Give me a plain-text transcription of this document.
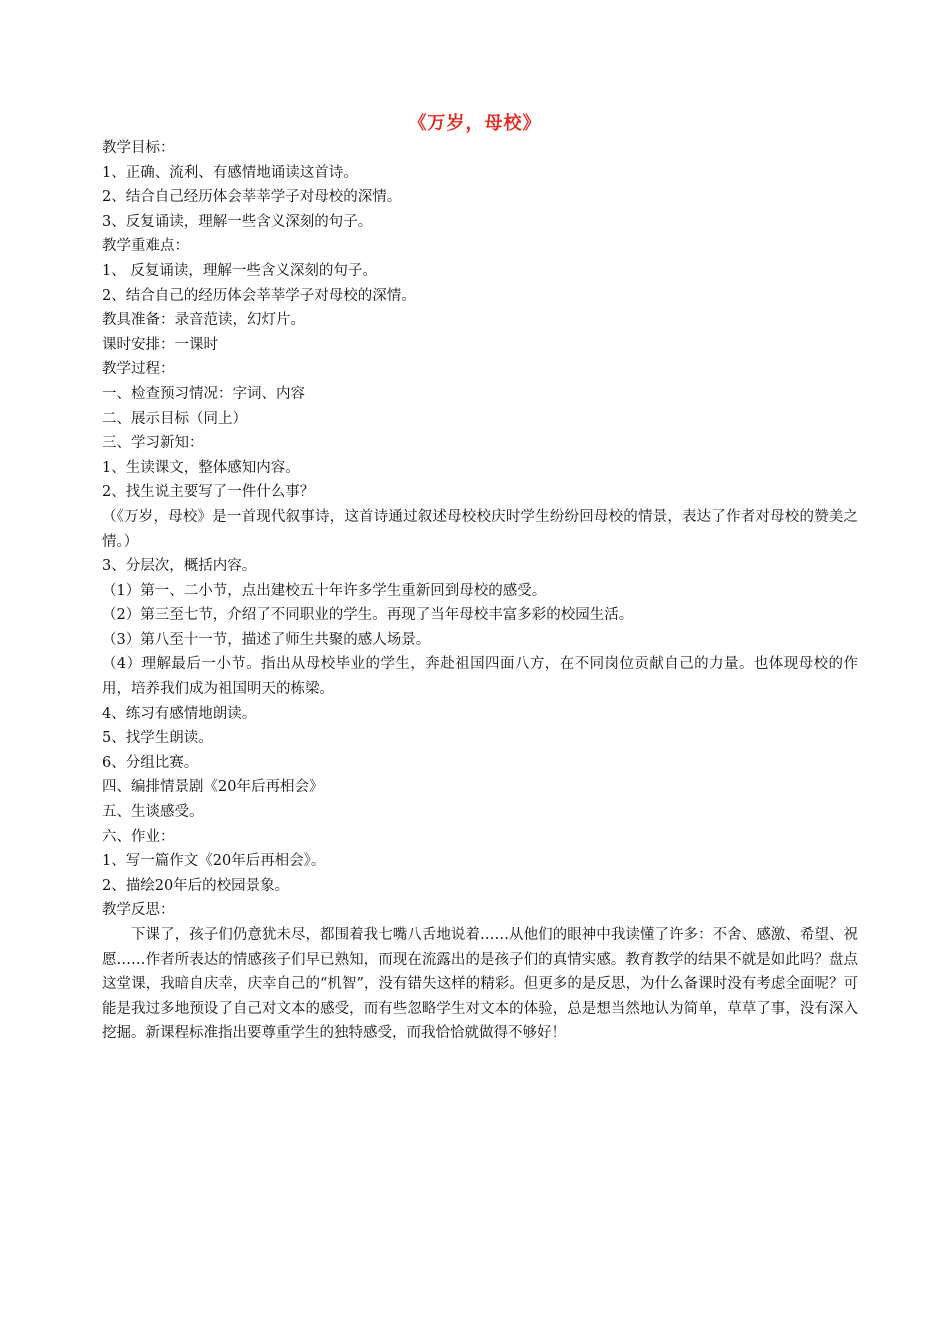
《万岁，母校》
教学目标：
1、正确、流利、有感情地诵读这首诗。
2、结合自己经历体会莘莘学子对母校的深情。
3、反复诵读，理解一些含义深刻的句子。
教学重难点：
1、 反复诵读，理解一些含义深刻的句子。
2、结合自己的经历体会莘莘学子对母校的深情。
教具准备：录音范读，幻灯片。
课时安排：一课时
教学过程：
一、检查预习情况：字词、内容
二、展示目标（同上）
三、学习新知：
1、生读课文，整体感知内容。
2、找生说主要写了一件什么事？
（《万岁，母校》是一首现代叙事诗，这首诗通过叙述母校校庆时学生纷纷回母校的情景，表达了作者对母校的赞美之情。）
3、分层次，概括内容。
（1）第一、二小节，点出建校五十年许多学生重新回到母校的感受。
（2）第三至七节，介绍了不同职业的学生。再现了当年母校丰富多彩的校园生活。
（3）第八至十一节，描述了师生共聚的感人场景。
（4）理解最后一小节。指出从母校毕业的学生，奔赴祖国四面八方，在不同岗位贡献自己的力量。也体现母校的作用，培养我们成为祖国明天的栋梁。
4、练习有感情地朗读。
5、找学生朗读。
6、分组比赛。
四、编排情景剧《20年后再相会》
五、生谈感受。
六、作业：
1、写一篇作文《20年后再相会》。
2、描绘20年后的校园景象。
教学反思：
下课了，孩子们仍意犹未尽，都围着我七嘴八舌地说着……从他们的眼神中我读懂了许多：不舍、感激、希望、祝愿……作者所表达的情感孩子们早已熟知，而现在流露出的是孩子们的真情实感。教育教学的结果不就是如此吗？盘点这堂课，我暗自庆幸，庆幸自己的“机智”，没有错失这样的精彩。但更多的是反思，为什么备课时没有考虑全面呢？可能是我过多地预设了自己对文本的感受，而有些忽略学生对文本的体验，总是想当然地认为简单，草草了事，没有深入挖掘。新课程标准指出要尊重学生的独特感受，而我恰恰就做得不够好！
